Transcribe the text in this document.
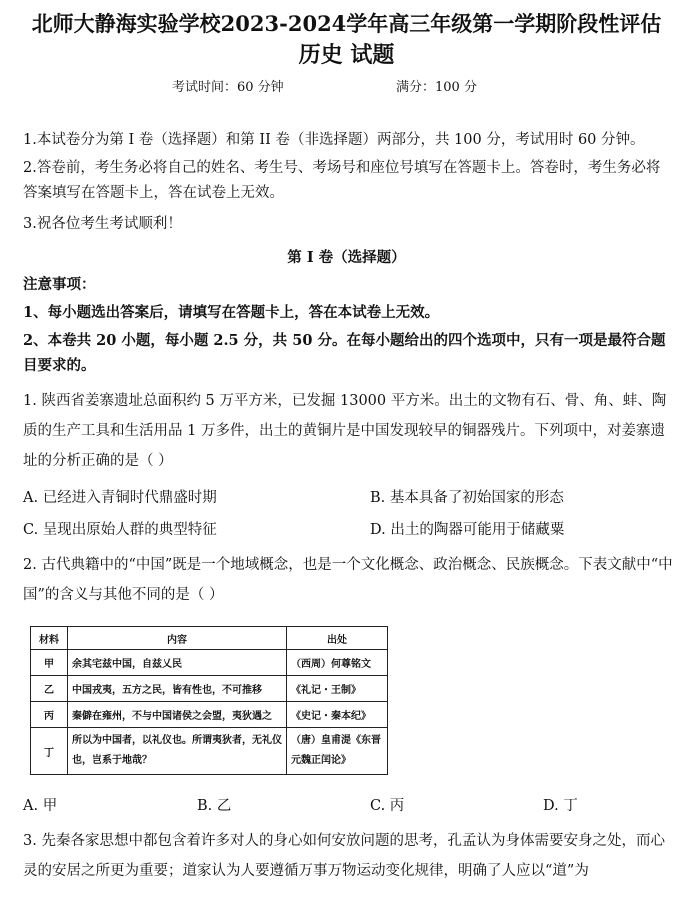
北师大静海实验学校2023-2024学年高三年级第一学期阶段性评估
历史 试题
考试时间：60 分钟	满分：100 分
1.本试卷分为第 I 卷（选择题）和第 II 卷（非选择题）两部分，共 100 分，考试用时 60 分钟。
2.答卷前，考生务必将自己的姓名、考生号、考场号和座位号填写在答题卡上。答卷时，考生务必将答案填写在答题卡上，答在试卷上无效。
3.祝各位考生考试顺利！
第 I 卷（选择题）
注意事项：
1、每小题选出答案后，请填写在答题卡上，答在本试卷上无效。
2、本卷共 20 小题，每小题 2.5 分，共 50 分。在每小题给出的四个选项中，只有一项是最符合题目要求的。
1. 陕西省姜寨遗址总面积约 5 万平方米，已发掘 13000 平方米。出土的文物有石、骨、角、蚌、陶质的生产工具和生活用品 1 万多件，出土的黄铜片是中国发现较早的铜器残片。下列项中，对姜寨遗址的分析正确的是（ ）
A. 已经进入青铜时代鼎盛时期	B. 基本具备了初始国家的形态
C. 呈现出原始人群的典型特征	D. 出土的陶器可能用于储藏粟
2. 古代典籍中的“中国”既是一个地域概念，也是一个文化概念、政治概念、民族概念。下表文献中“中国”的含义与其他不同的是（ ）
材料	内容	出处
甲	余其宅兹中国，自兹乂民	（西周）何尊铭文
乙	中国戎夷，五方之民，皆有性也，不可推移	《礼记・王制》
丙	秦僻在雍州，不与中国诸侯之会盟，夷狄遇之	《史记・秦本纪》
丁	所以为中国者，以礼仪也。所谓夷狄者，无礼仪也，岂系于地哉？	（唐）皇甫湜《东晋元魏正闰论》
A. 甲	B. 乙	C. 丙	D. 丁
3. 先秦各家思想中都包含着许多对人的身心如何安放问题的思考，孔孟认为身体需要安身之处，而心灵的安居之所更为重要；道家认为人要遵循万事万物运动变化规律，明确了人应以“道”为
